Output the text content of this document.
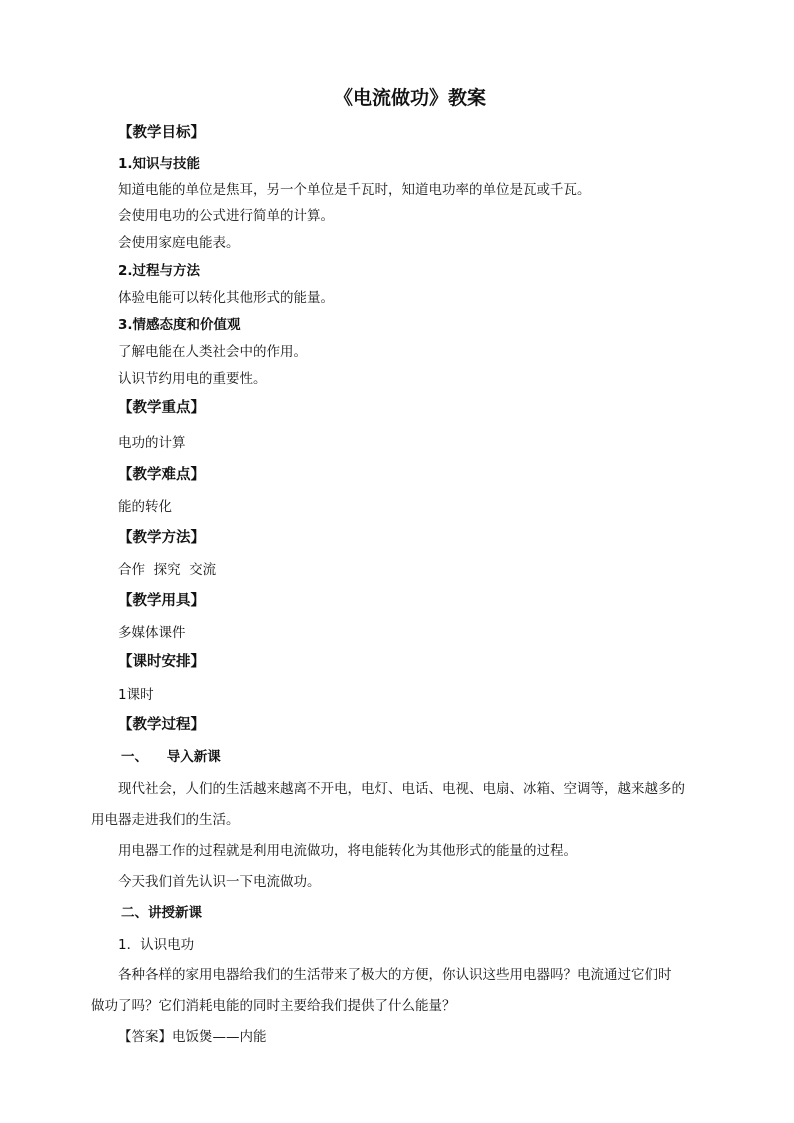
《电流做功》教案
【教学目标】
1.知识与技能
知道电能的单位是焦耳，另一个单位是千瓦时，知道电功率的单位是瓦或千瓦。
会使用电功的公式进行简单的计算。
会使用家庭电能表。
2.过程与方法
体验电能可以转化其他形式的能量。
3.情感态度和价值观
了解电能在人类社会中的作用。
认识节约用电的重要性。
【教学重点】
电功的计算
【教学难点】
能的转化
【教学方法】
合作  探究  交流
【教学用具】
多媒体课件
【课时安排】
1课时
【教学过程】
一、    导入新课
现代社会，人们的生活越来越离不开电，电灯、电话、电视、电扇、冰箱、空调等，越来越多的
用电器走进我们的生活。
用电器工作的过程就是利用电流做功，将电能转化为其他形式的能量的过程。
今天我们首先认识一下电流做功。
二、讲授新课
1．认识电功
各种各样的家用电器给我们的生活带来了极大的方便，你认识这些用电器吗？电流通过它们时
做功了吗？它们消耗电能的同时主要给我们提供了什么能量？
【答案】电饭煲——内能
